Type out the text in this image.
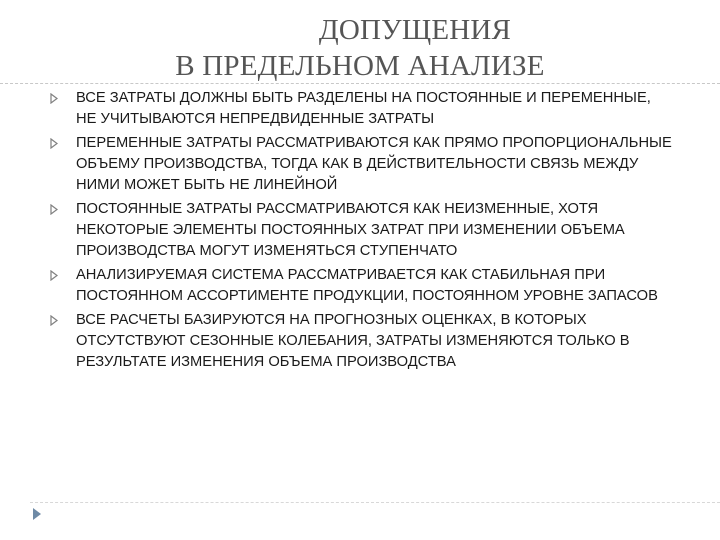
ДОПУЩЕНИЯ
В ПРЕДЕЛЬНОМ АНАЛИЗЕ
ВСЕ ЗАТРАТЫ ДОЛЖНЫ БЫТЬ РАЗДЕЛЕНЫ НА ПОСТОЯННЫЕ И ПЕРЕМЕННЫЕ, НЕ УЧИТЫВАЮТСЯ НЕПРЕДВИДЕННЫЕ ЗАТРАТЫ
ПЕРЕМЕННЫЕ ЗАТРАТЫ РАССМАТРИВАЮТСЯ КАК ПРЯМО ПРОПОРЦИОНАЛЬНЫЕ ОБЪЕМУ ПРОИЗВОДСТВА, ТОГДА КАК В ДЕЙСТВИТЕЛЬНОСТИ СВЯЗЬ МЕЖДУ НИМИ МОЖЕТ БЫТЬ НЕ ЛИНЕЙНОЙ
ПОСТОЯННЫЕ ЗАТРАТЫ РАССМАТРИВАЮТСЯ КАК НЕИЗМЕННЫЕ, ХОТЯ НЕКОТОРЫЕ ЭЛЕМЕНТЫ ПОСТОЯННЫХ ЗАТРАТ ПРИ ИЗМЕНЕНИИ ОБЪЕМА ПРОИЗВОДСТВА МОГУТ ИЗМЕНЯТЬСЯ СТУПЕНЧАТО
АНАЛИЗИРУЕМАЯ СИСТЕМА РАССМАТРИВАЕТСЯ КАК СТАБИЛЬНАЯ ПРИ ПОСТОЯННОМ АССОРТИМЕНТЕ ПРОДУКЦИИ, ПОСТОЯННОМ УРОВНЕ ЗАПАСОВ
ВСЕ РАСЧЕТЫ БАЗИРУЮТСЯ НА ПРОГНОЗНЫХ ОЦЕНКАХ, В КОТОРЫХ ОТСУТСТВУЮТ СЕЗОННЫЕ КОЛЕБАНИЯ, ЗАТРАТЫ ИЗМЕНЯЮТСЯ ТОЛЬКО В РЕЗУЛЬТАТЕ ИЗМЕНЕНИЯ ОБЪЕМА ПРОИЗВОДСТВА
